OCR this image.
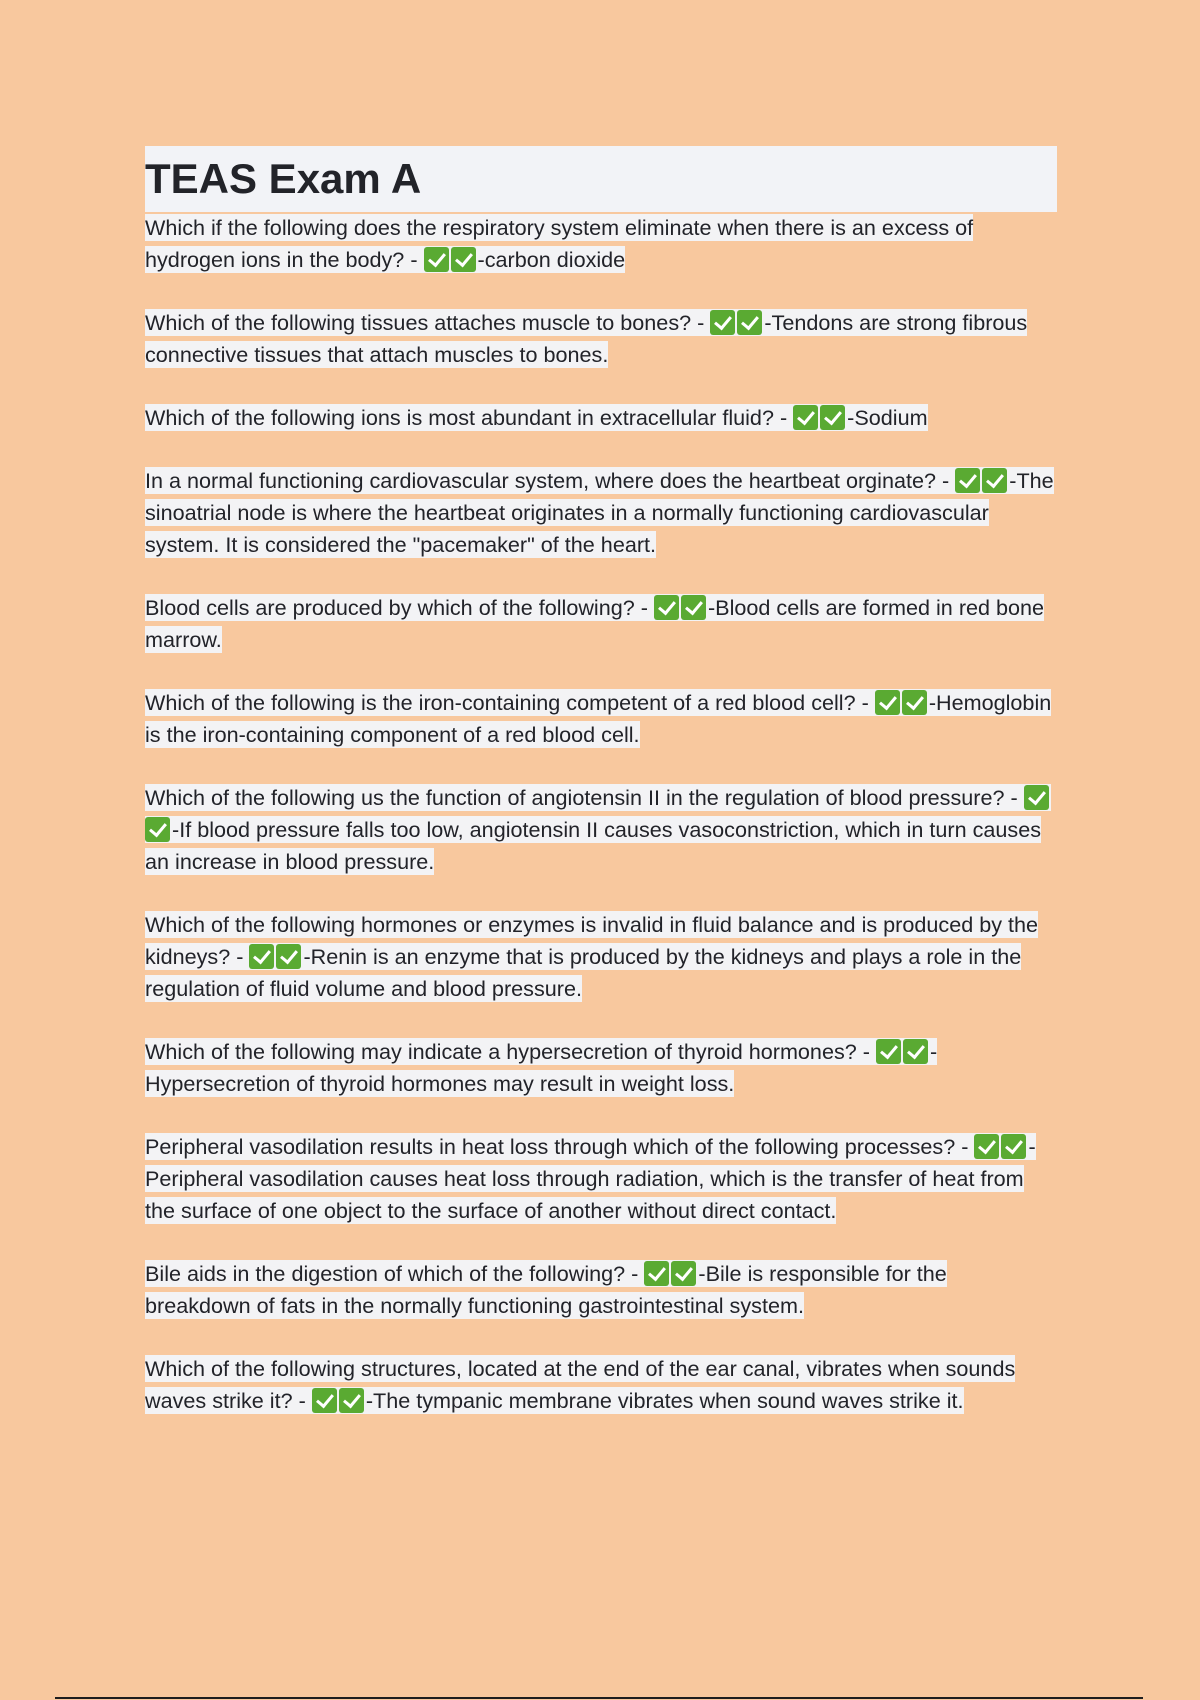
TEAS Exam A

Which if the following does the respiratory system eliminate when there is an excess of hydrogen ions in the body? -	-carbon dioxide

Which of the following tissues attaches muscle to bones? -	-Tendons are strong fibrous connective tissues that attach muscles to bones.

Which of the following ions is most abundant in extracellular fluid? -	-Sodium

In a normal functioning cardiovascular system, where does the heartbeat orginate? -	-The sinoatrial node is where the heartbeat originates in a normally functioning cardiovascular system. It is considered the "pacemaker" of the heart.

Blood cells are produced by which of the following? -	-Blood cells are formed in red bone marrow.

Which of the following is the iron-containing competent of a red blood cell? -	-Hemoglobin is the iron-containing component of a red blood cell.

Which of the following us the function of angiotensin II in the regulation of blood pressure? - -If blood pressure falls too low, angiotensin II causes vasoconstriction, which in turn causes an increase in blood pressure.

Which of the following hormones or enzymes is invalid in fluid balance and is produced by the kidneys? -	-Renin is an enzyme that is produced by the kidneys and plays a role in the regulation of fluid volume and blood pressure.

Which of the following may indicate a hypersecretion of thyroid hormones? -	-Hypersecretion of thyroid hormones may result in weight loss.

Peripheral vasodilation results in heat loss through which of the following processes? -	-Peripheral vasodilation causes heat loss through radiation, which is the transfer of heat from the surface of one object to the surface of another without direct contact.

Bile aids in the digestion of which of the following? -	-Bile is responsible for the breakdown of fats in the normally functioning gastrointestinal system.

Which of the following structures, located at the end of the ear canal, vibrates when sounds waves strike it? -	-The tympanic membrane vibrates when sound waves strike it.
